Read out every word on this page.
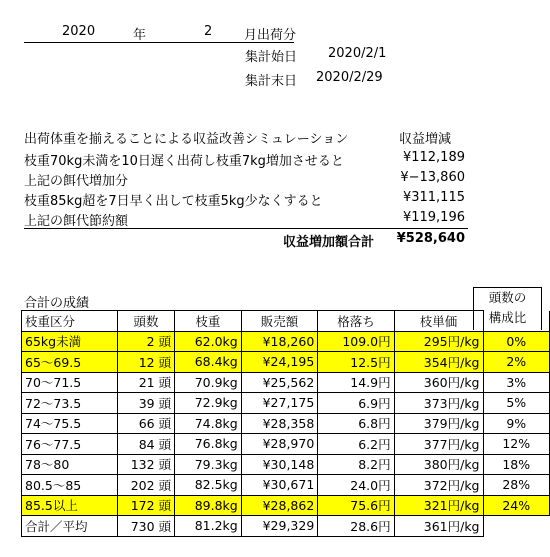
2020	年	2 月出荷分
集計始日 2020/2/1
集計末日 2020/2/29
出荷体重を揃えることによる収益改善シミュレーション	収益増減
枝重70kg未満を10日遅く出荷し枝重7kg増加させると	¥112,189
上記の餌代増加分	¥−13,860
枝重85kg超を7日早く出して枝重5kg少なくすると	¥311,115
上記の餌代節約額	¥119,196
収益増加額合計 ¥528,640
合計の成績	頭数の
構成比
枝重区分	頭数	枝重	販売額	格落ち	枝単価	
65kg未満	2 頭	62.0kg	¥18,260	109.0円	295円/kg	0%
65〜69.5	12 頭	68.4kg	¥24,195	12.5円	354円/kg	2%
70〜71.5	21 頭	70.9kg	¥25,562	14.9円	360円/kg	3%
72〜73.5	39 頭	72.9kg	¥27,175	6.9円	373円/kg	5%
74〜75.5	66 頭	74.8kg	¥28,358	6.8円	379円/kg	9%
76〜77.5	84 頭	76.8kg	¥28,970	6.2円	377円/kg	12%
78〜80	132 頭	79.3kg	¥30,148	8.2円	380円/kg	18%
80.5〜85	202 頭	82.5kg	¥30,671	24.0円	372円/kg	28%
85.5以上	172 頭	89.8kg	¥28,862	75.6円	321円/kg	24%
合計／平均	730 頭	81.2kg	¥29,329	28.6円	361円/kg	
